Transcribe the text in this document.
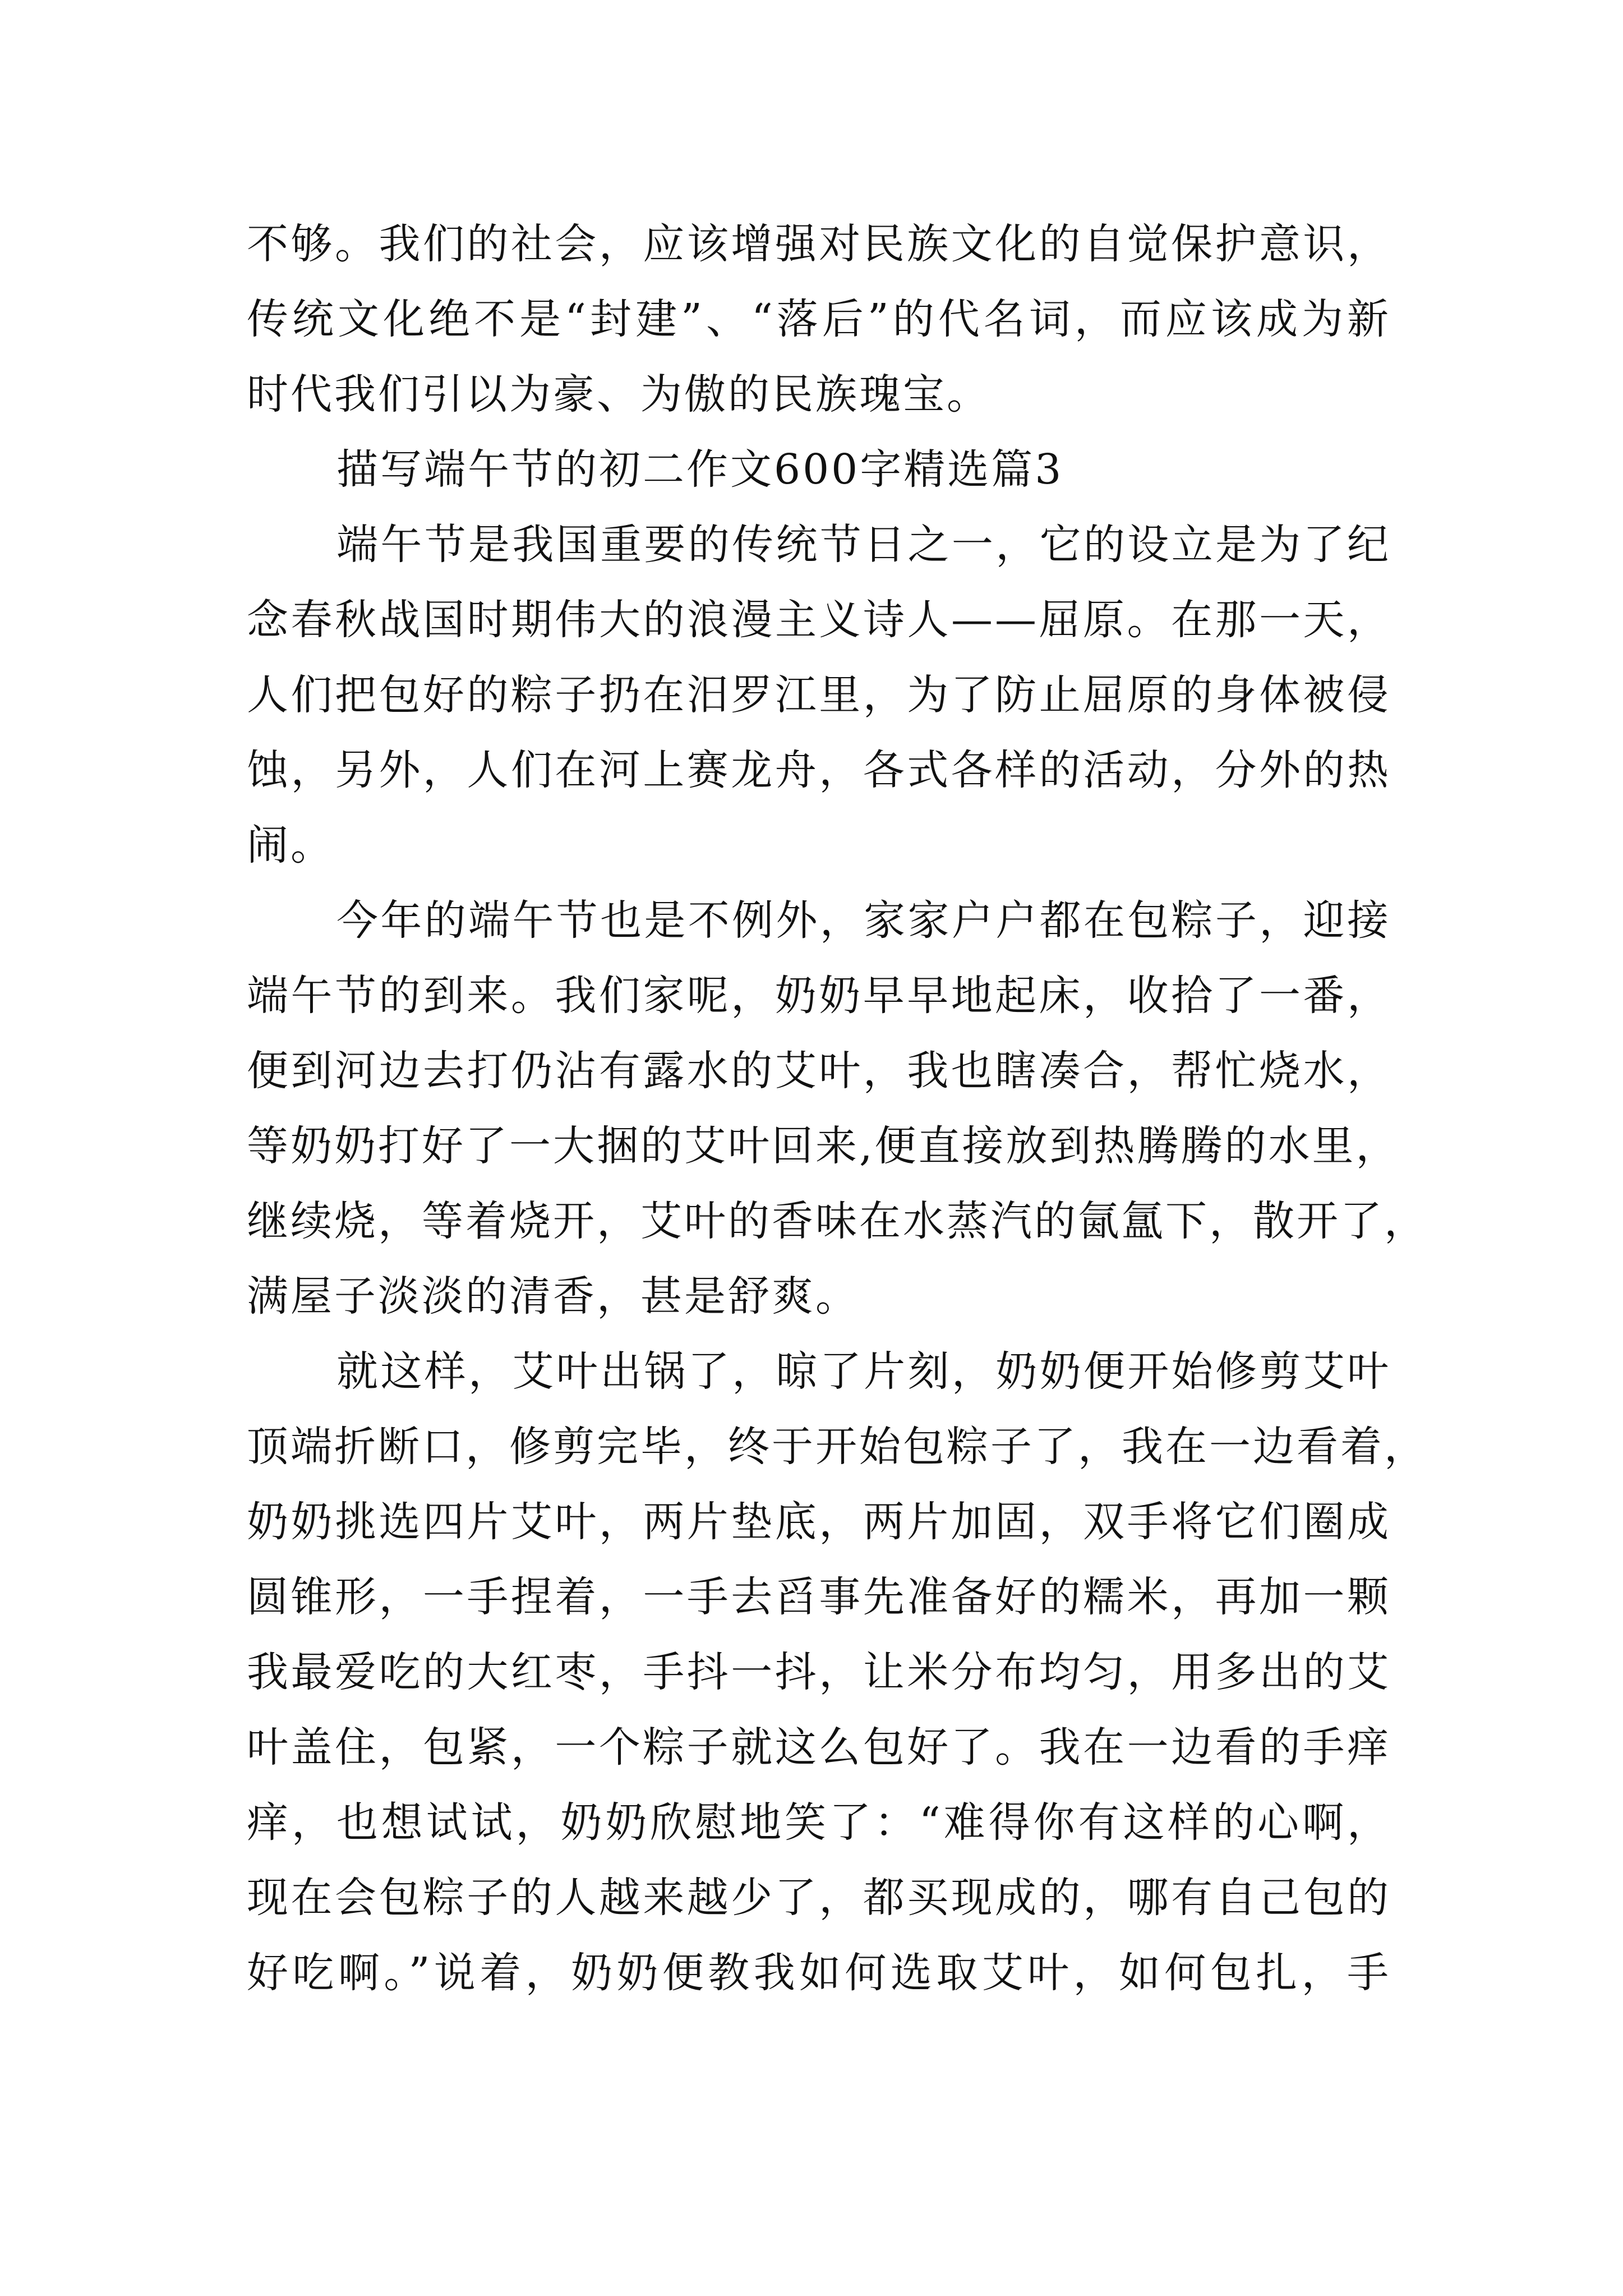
不够。我们的社会，应该增强对民族文化的自觉保护意识，
传统文化绝不是“封建”、“落后”的代名词，而应该成为新
时代我们引以为豪、为傲的民族瑰宝。
描写端午节的初二作文600字精选篇3
端午节是我国重要的传统节日之一，它的设立是为了纪
念春秋战国时期伟大的浪漫主义诗人——屈原。在那一天，
人们把包好的粽子扔在汨罗江里，为了防止屈原的身体被侵
蚀，另外，人们在河上赛龙舟，各式各样的活动，分外的热
闹。
今年的端午节也是不例外，家家户户都在包粽子，迎接
端午节的到来。我们家呢，奶奶早早地起床，收拾了一番，
便到河边去打仍沾有露水的艾叶，我也瞎凑合，帮忙烧水，
等奶奶打好了一大捆的艾叶回来,便直接放到热腾腾的水里，
继续烧，等着烧开，艾叶的香味在水蒸汽的氤氲下，散开了，
满屋子淡淡的清香，甚是舒爽。
就这样，艾叶出锅了，晾了片刻，奶奶便开始修剪艾叶
顶端折断口，修剪完毕，终于开始包粽子了，我在一边看着，
奶奶挑选四片艾叶，两片垫底，两片加固，双手将它们圈成
圆锥形，一手捏着，一手去舀事先准备好的糯米，再加一颗
我最爱吃的大红枣，手抖一抖，让米分布均匀，用多出的艾
叶盖住，包紧，一个粽子就这么包好了。我在一边看的手痒
痒，也想试试，奶奶欣慰地笑了：“难得你有这样的心啊，
现在会包粽子的人越来越少了，都买现成的，哪有自己包的
好吃啊。”说着，奶奶便教我如何选取艾叶，如何包扎，手
